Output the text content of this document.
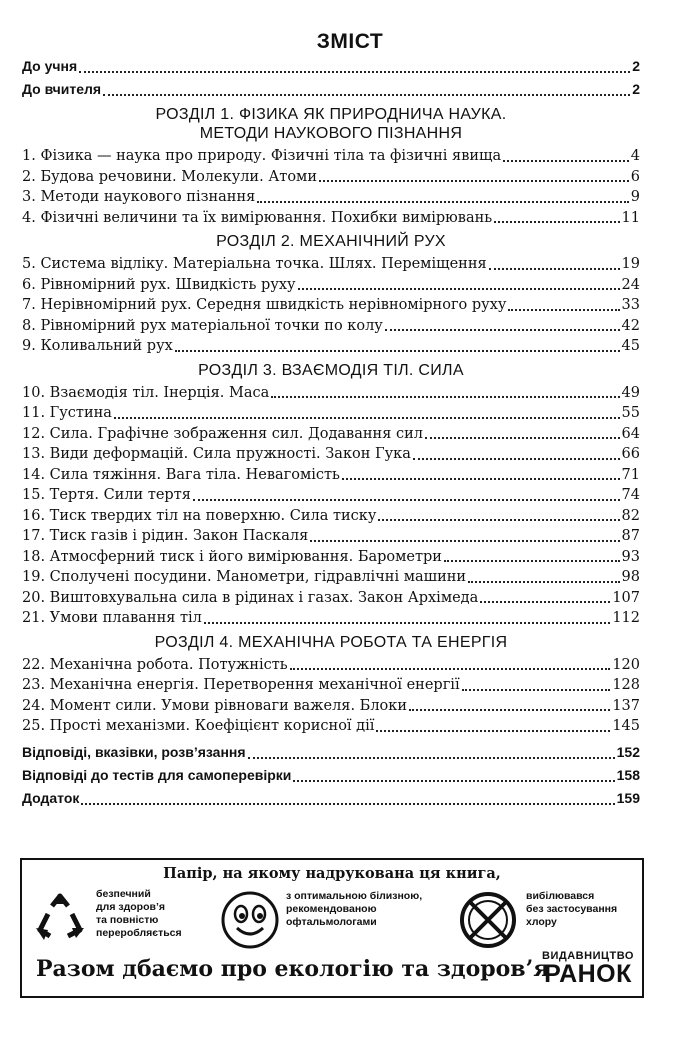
ЗМІСТ
До учня	2
До вчителя	2
РОЗДІЛ 1. ФІЗИКА ЯК ПРИРОДНИЧА НАУКА.
МЕТОДИ НАУКОВОГО ПІЗНАННЯ
1. Фізика — наука про природу. Фізичні тіла та фізичні явища	4
2. Будова речовини. Молекули. Атоми	6
3. Методи наукового пізнання	9
4. Фізичні величини та їх вимірювання. Похибки вимірювань	11
РОЗДІЛ 2. МЕХАНІЧНИЙ РУХ
5. Система відліку. Матеріальна точка. Шлях. Переміщення	19
6. Рівномірний рух. Швидкість руху	24
7. Нерівномірний рух. Середня швидкість нерівномірного руху	33
8. Рівномірний рух матеріальної точки по колу	42
9. Коливальний рух	45
РОЗДІЛ 3. ВЗАЄМОДІЯ ТІЛ. СИЛА
10. Взаємодія тіл. Інерція. Маса	49
11. Густина	55
12. Сила. Графічне зображення сил. Додавання сил	64
13. Види деформацій. Сила пружності. Закон Гука	66
14. Сила тяжіння. Вага тіла. Невагомість	71
15. Тертя. Сили тертя	74
16. Тиск твердих тіл на поверхню. Сила тиску	82
17. Тиск газів і рідин. Закон Паскаля	87
18. Атмосферний тиск і його вимірювання. Барометри	93
19. Сполучені посудини. Манометри, гідравлічні машини	98
20. Виштовхувальна сила в рідинах і газах. Закон Архімеда	107
21. Умови плавання тіл	112
РОЗДІЛ 4. МЕХАНІЧНА РОБОТА ТА ЕНЕРГІЯ
22. Механічна робота. Потужність	120
23. Механічна енергія. Перетворення механічної енергії	128
24. Момент сили. Умови рівноваги важеля. Блоки	137
25. Прості механізми. Коефіцієнт корисної дії	145
Відповіді, вказівки, розв’язання	152
Відповіді до тестів для самоперевірки	158
Додаток	159
Папір, на якому надрукована ця книга,
безпечний
для здоров’я
та повністю
переробляється
з оптимальною білизною,
рекомендованою
офтальмологами
вибілювався
без застосування
хлору
Разом дбаємо про екологію та здоров’я
ВИДАВНИЦТВО
РАНОК
